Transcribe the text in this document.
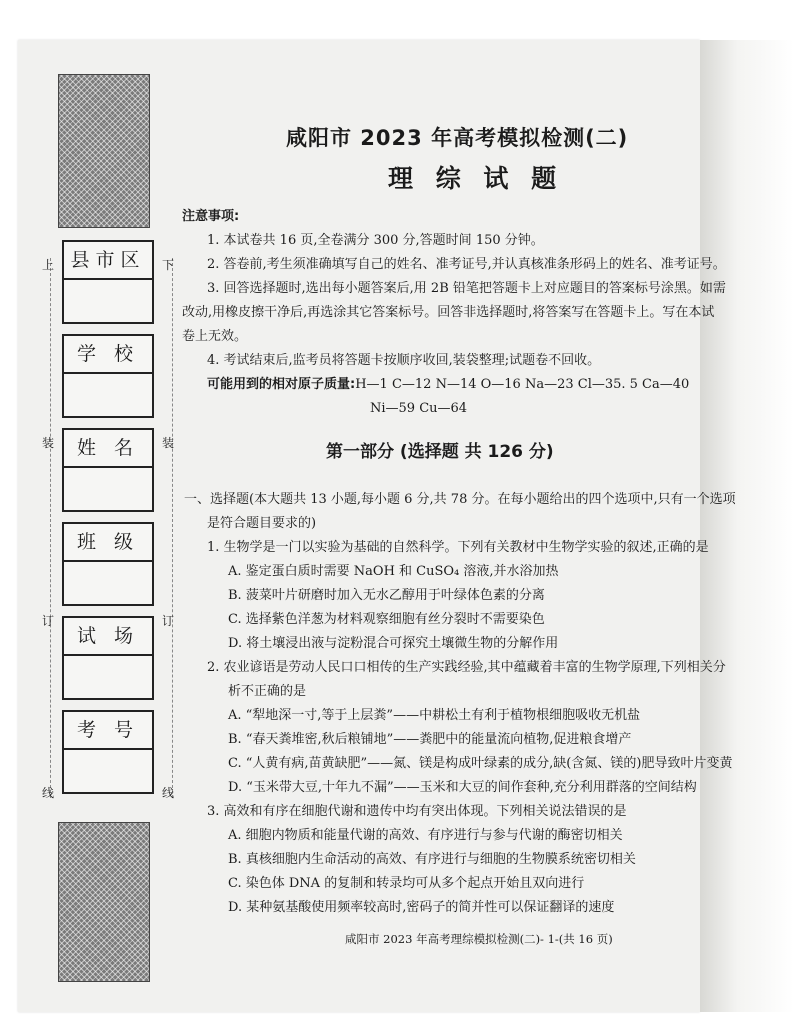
上
装
订
线
下
装
订
线
县市区
学 校
姓 名
班 级
试 场
考 号
咸阳市 2023 年高考模拟检测(二)
理 综 试 题
注意事项:
1. 本试卷共 16 页,全卷满分 300 分,答题时间 150 分钟。
2. 答卷前,考生须准确填写自己的姓名、准考证号,并认真核准条形码上的姓名、准考证号。
3. 回答选择题时,选出每小题答案后,用 2B 铅笔把答题卡上对应题目的答案标号涂黑。如需
改动,用橡皮擦干净后,再选涂其它答案标号。回答非选择题时,将答案写在答题卡上。写在本试
卷上无效。
4. 考试结束后,监考员将答题卡按顺序收回,装袋整理;试题卷不回收。
可能用到的相对原子质量:H—1 C—12 N—14 O—16 Na—23 Cl—35. 5 Ca—40
Ni—59 Cu—64
第一部分 (选择题 共 126 分)
一、选择题(本大题共 13 小题,每小题 6 分,共 78 分。在每小题给出的四个选项中,只有一个选项
是符合题目要求的)
1. 生物学是一门以实验为基础的自然科学。下列有关教材中生物学实验的叙述,正确的是
A. 鉴定蛋白质时需要 NaOH 和 CuSO₄ 溶液,并水浴加热
B. 菠菜叶片研磨时加入无水乙醇用于叶绿体色素的分离
C. 选择紫色洋葱为材料观察细胞有丝分裂时不需要染色
D. 将土壤浸出液与淀粉混合可探究土壤微生物的分解作用
2. 农业谚语是劳动人民口口相传的生产实践经验,其中蕴藏着丰富的生物学原理,下列相关分
析不正确的是
A. “犁地深一寸,等于上层粪”——中耕松土有利于植物根细胞吸收无机盐
B. “春天粪堆密,秋后粮铺地”——粪肥中的能量流向植物,促进粮食增产
C. “人黄有病,苗黄缺肥”——氮、镁是构成叶绿素的成分,缺(含氮、镁的)肥导致叶片变黄
D. “玉米带大豆,十年九不漏”——玉米和大豆的间作套种,充分利用群落的空间结构
3. 高效和有序在细胞代谢和遗传中均有突出体现。下列相关说法错误的是
A. 细胞内物质和能量代谢的高效、有序进行与参与代谢的酶密切相关
B. 真核细胞内生命活动的高效、有序进行与细胞的生物膜系统密切相关
C. 染色体 DNA 的复制和转录均可从多个起点开始且双向进行
D. 某种氨基酸使用频率较高时,密码子的简并性可以保证翻译的速度
咸阳市 2023 年高考理综模拟检测(二)- 1-(共 16 页)
